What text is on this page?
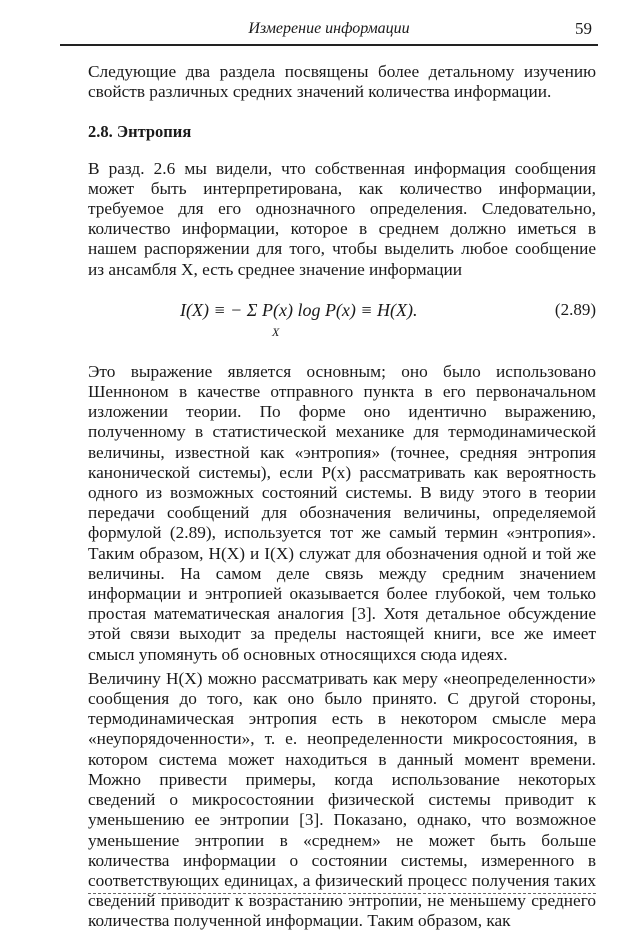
Измерение информации	59

Следующие два раздела посвящены более детальному изучению свойств различных средних значений количества информации.

2.8. Энтропия

В разд. 2.6 мы видели, что собственная информация сообщения может быть интерпретирована, как количество информации, требуемое для его однозначного определения. Следовательно, количество информации, которое в среднем должно иметься в нашем распоряжении для того, чтобы выделить любое сообщение из ансамбля X, есть среднее значение информации

I(X) ≡ − Σ P(x) log P(x) ≡ H(X).
X
(2.89)

Это выражение является основным; оно было использовано Шенноном в качестве отправного пункта в его первоначальном изложении теории. По форме оно идентично выражению, полученному в статистической механике для термодинамической величины, известной как «энтропия» (точнее, средняя энтропия канонической системы), если P(x) рассматривать как вероятность одного из возможных состояний системы. В виду этого в теории передачи сообщений для обозначения величины, определяемой формулой (2.89), используется тот же самый термин «энтропия». Таким образом, H(X) и I(X) служат для обозначения одной и той же величины. На самом деле связь между средним значением информации и энтропией оказывается более глубокой, чем только простая математическая аналогия [3]. Хотя детальное обсуждение этой связи выходит за пределы настоящей книги, все же имеет смысл упомянуть об основных относящихся сюда идеях.

Величину H(X) можно рассматривать как меру «неопределенности» сообщения до того, как оно было принято. С другой стороны, термодинамическая энтропия есть в некотором смысле мера «неупорядоченности», т. е. неопределенности микросостояния, в котором система может находиться в данный момент времени. Можно привести примеры, когда использование некоторых сведений о микросостоянии физической системы приводит к уменьшению ее энтропии [3]. Показано, однако, что возможное уменьшение энтропии в «среднем» не может быть больше количества информации о состоянии системы, измеренного в соответствующих единицах, а физический процесс получения таких сведений приводит к возрастанию энтропии, не меньшему среднего количества полученной информации. Таким образом, как
